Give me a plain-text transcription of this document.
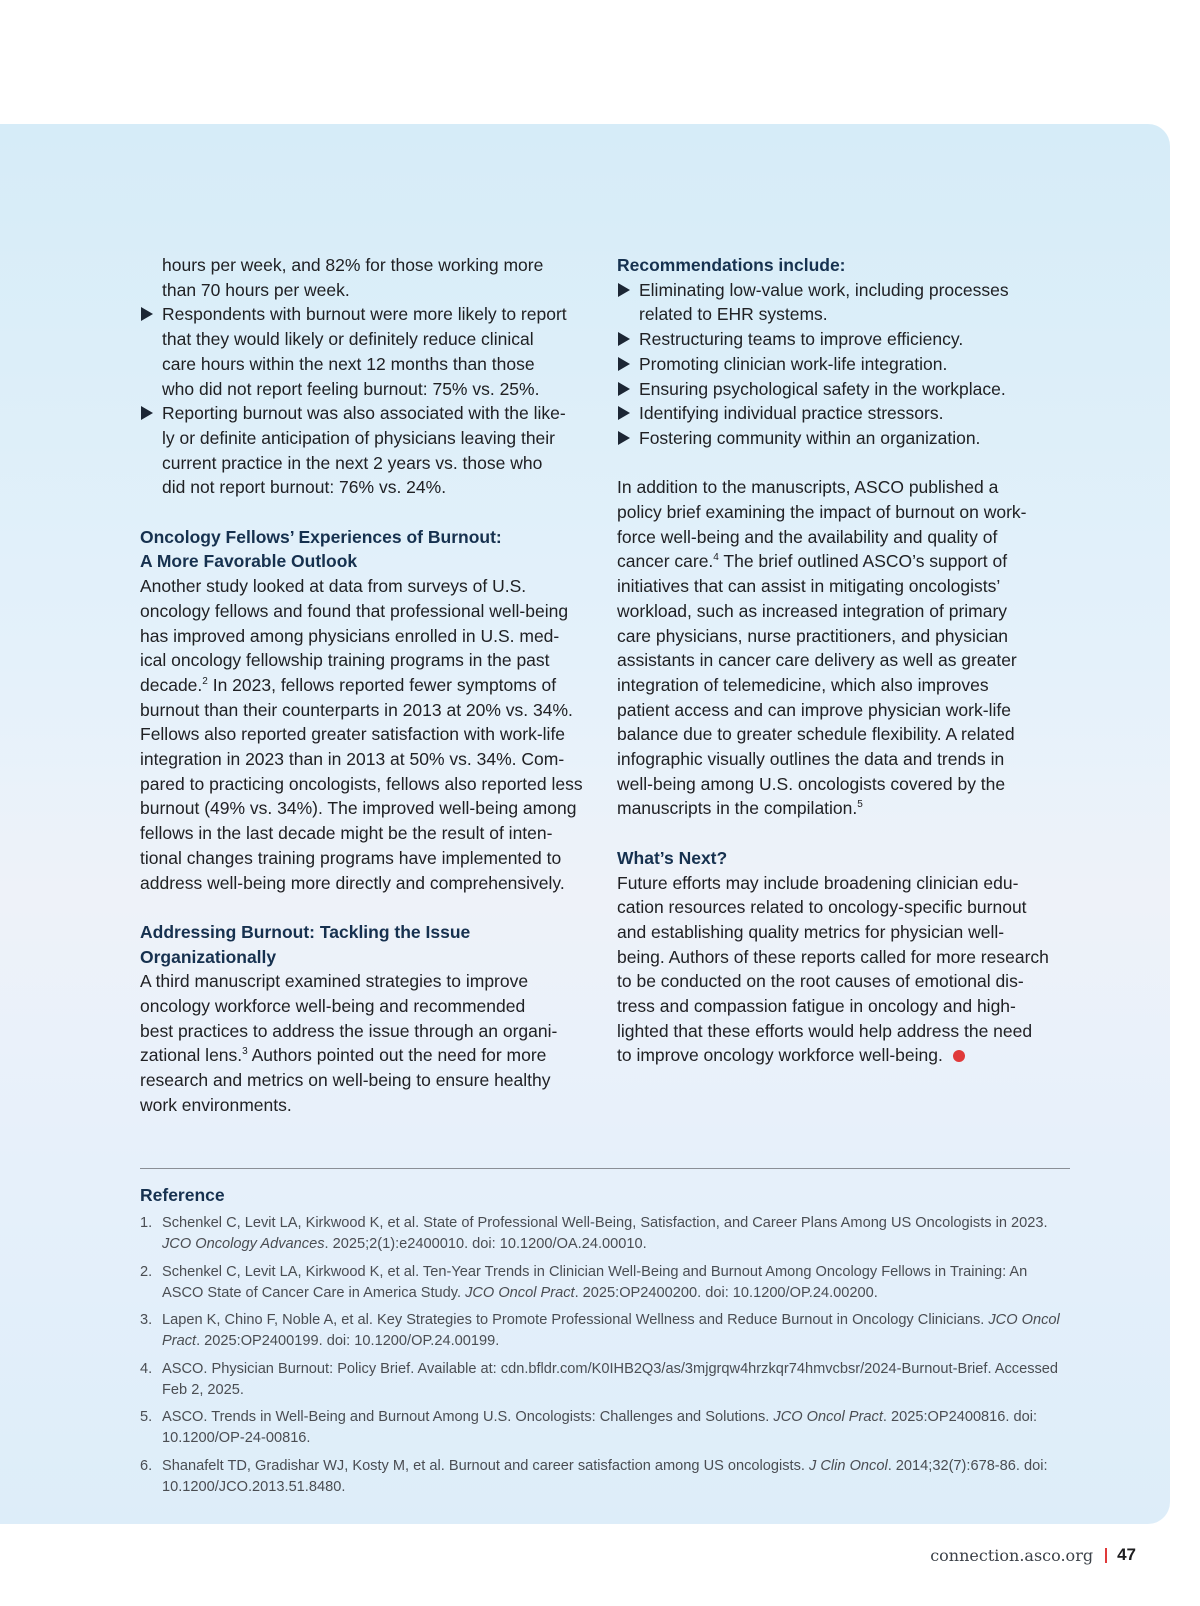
hours per week, and 82% for those working more

than 70 hours per week.

Respondents with burnout were more likely to report

that they would likely or definitely reduce clinical

care hours within the next 12 months than those

who did not report feeling burnout: 75% vs. 25%.

Reporting burnout was also associated with the like-

ly or definite anticipation of physicians leaving their

current practice in the next 2 years vs. those who

did not report burnout: 76% vs. 24%.

Oncology Fellows’ Experiences of Burnout:
A More Favorable Outlook

Another study looked at data from surveys of U.S.

oncology fellows and found that professional well-being

has improved among physicians enrolled in U.S. med-

ical oncology fellowship training programs in the past

decade.$^2$ In 2023, fellows reported fewer symptoms of

burnout than their counterparts in 2013 at 20% vs. 34%.

Fellows also reported greater satisfaction with work-life

integration in 2023 than in 2013 at 50% vs. 34%. Com-

pared to practicing oncologists, fellows also reported less

burnout (49% vs. 34%). The improved well-being among

fellows in the last decade might be the result of inten-

tional changes training programs have implemented to

address well-being more directly and comprehensively.

Addressing Burnout: Tackling the Issue
Organizationally

A third manuscript examined strategies to improve

oncology workforce well-being and recommended

best practices to address the issue through an organi-

zational lens.$^3$ Authors pointed out the need for more

research and metrics on well-being to ensure healthy

work environments.

Recommendations include:

Eliminating low-value work, including processes

related to EHR systems.

Restructuring teams to improve efficiency.

Promoting clinician work-life integration.

Ensuring psychological safety in the workplace.

Identifying individual practice stressors.

Fostering community within an organization.

In addition to the manuscripts, ASCO published a

policy brief examining the impact of burnout on work-

force well-being and the availability and quality of

cancer care.$^4$ The brief outlined ASCO’s support of

initiatives that can assist in mitigating oncologists’

workload, such as increased integration of primary

care physicians, nurse practitioners, and physician

assistants in cancer care delivery as well as greater

integration of telemedicine, which also improves

patient access and can improve physician work-life

balance due to greater schedule flexibility. A related

infographic visually outlines the data and trends in

well-being among U.S. oncologists covered by the

manuscripts in the compilation.$^5$

What’s Next?

Future efforts may include broadening clinician edu-

cation resources related to oncology-specific burnout

and establishing quality metrics for physician well-

being. Authors of these reports called for more research

to be conducted on the root causes of emotional dis-

tress and compassion fatigue in oncology and high-

lighted that these efforts would help address the need

to improve oncology workforce well-being.

Reference
1. Schenkel C, Levit LA, Kirkwood K, et al. State of Professional Well-Being, Satisfaction, and Career Plans Among US Oncologists in 2023. JCO Oncology Advances. 2025;2(1):e2400010. doi: 10.1200/OA.24.00010.
2. Schenkel C, Levit LA, Kirkwood K, et al. Ten-Year Trends in Clinician Well-Being and Burnout Among Oncology Fellows in Training: An ASCO State of Cancer Care in America Study. JCO Oncol Pract. 2025:OP2400200. doi: 10.1200/OP.24.00200.
3. Lapen K, Chino F, Noble A, et al. Key Strategies to Promote Professional Wellness and Reduce Burnout in Oncology Clinicians. JCO Oncol Pract. 2025:OP2400199. doi: 10.1200/OP.24.00199.
4. ASCO. Physician Burnout: Policy Brief. Available at: cdn.bfldr.com/K0IHB2Q3/as/3mjgrqw4hrzkqr74hmvcbsr/2024-Burnout-Brief. Accessed Feb 2, 2025.
5. ASCO. Trends in Well-Being and Burnout Among U.S. Oncologists: Challenges and Solutions. JCO Oncol Pract. 2025:OP2400816. doi: 10.1200/OP-24-00816.
6. Shanafelt TD, Gradishar WJ, Kosty M, et al. Burnout and career satisfaction among US oncologists. J Clin Oncol. 2014;32(7):678-86. doi: 10.1200/JCO.2013.51.8480.
connection.asco.org 47
